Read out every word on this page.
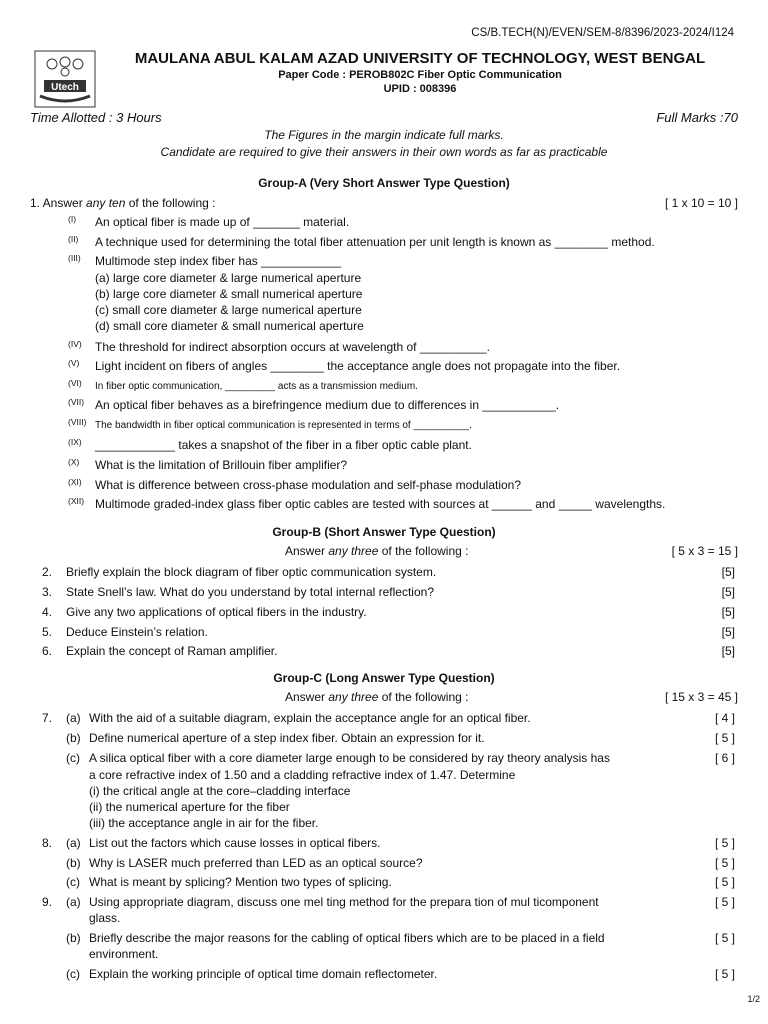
CS/B.TECH(N)/EVEN/SEM-8/8396/2023-2024/I124
Utech
MAULANA ABUL KALAM AZAD UNIVERSITY OF TECHNOLOGY, WEST BENGAL
Paper Code : PEROB802C Fiber Optic Communication
UPID : 008396
Time Allotted : 3 Hours	Full Marks :70
The Figures in the margin indicate full marks.
Candidate are required to give their answers in their own words as far as practicable
Group-A (Very Short Answer Type Question)
1. Answer any ten of the following :	[ 1 x 10 = 10 ]
(I) An optical fiber is made up of _______ material.
(II) A technique used for determining the total fiber attenuation per unit length is known as ________ method.
(III) Multimode step index fiber has ____________
(a) large core diameter & large numerical aperture
(b) large core diameter & small numerical aperture
(c) small core diameter & large numerical aperture
(d) small core diameter & small numerical aperture
(IV) The threshold for indirect absorption occurs at wavelength of __________.
(V) Light incident on fibers of angles ________ the acceptance angle does not propagate into the fiber.
(VI) In fiber optic communication, _________ acts as a transmission medium.
(VII) An optical fiber behaves as a birefringence medium due to differences in ___________.
(VIII) The bandwidth in fiber optical communication is represented in terms of __________.
(IX) ____________ takes a snapshot of the fiber in a fiber optic cable plant.
(X) What is the limitation of Brillouin fiber amplifier?
(XI) What is difference between cross-phase modulation and self-phase modulation?
(XII) Multimode graded-index glass fiber optic cables are tested with sources at ______ and _____ wavelengths.
Group-B (Short Answer Type Question)
Answer any three of the following :	[ 5 x 3 = 15 ]
2. Briefly explain the block diagram of fiber optic communication system.	[5]
3. State Snell’s law. What do you understand by total internal reflection?	[5]
4. Give any two applications of optical fibers in the industry.	[5]
5. Deduce Einstein’s relation.	[5]
6. Explain the concept of Raman amplifier.	[5]
Group-C (Long Answer Type Question)
Answer any three of the following :	[ 15 x 3 = 45 ]
7. (a) With the aid of a suitable diagram, explain the acceptance angle for an optical fiber.	[ 4 ]
(b) Define numerical aperture of a step index fiber. Obtain an expression for it.	[ 5 ]
(c) A silica optical fiber with a core diameter large enough to be considered by ray theory analysis has	[ 6 ]
a core refractive index of 1.50 and a cladding refractive index of 1.47. Determine
(i) the critical angle at the core–cladding interface
(ii) the numerical aperture for the fiber
(iii) the acceptance angle in air for the fiber.
8. (a) List out the factors which cause losses in optical fibers.	[ 5 ]
(b) Why is LASER much preferred than LED as an optical source?	[ 5 ]
(c) What is meant by splicing? Mention two types of splicing.	[ 5 ]
9. (a) Using appropriate diagram, discuss one mel ting method for the prepara tion of mul ticomponent	[ 5 ]
glass.
(b) Briefly describe the major reasons for the cabling of optical fibers which are to be placed in a field	[ 5 ]
environment.
(c) Explain the working principle of optical time domain reflectometer.	[ 5 ]
1/2
